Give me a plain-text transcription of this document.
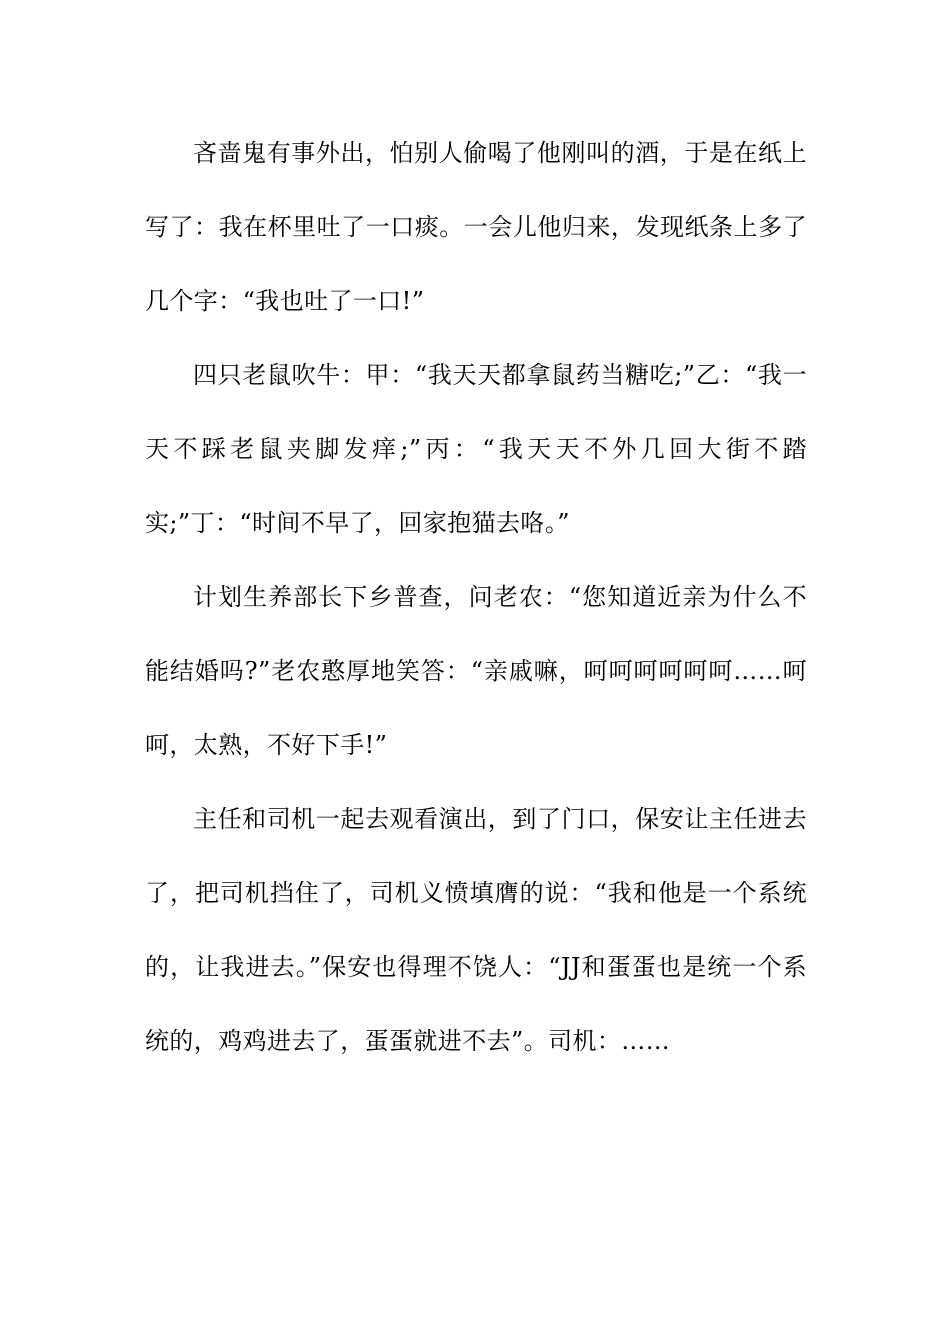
吝啬鬼有事外出，怕别人偷喝了他刚叫的酒，于是在纸上写了：我在杯里吐了一口痰。一会儿他归来，发现纸条上多了几个字：“我也吐了一口!”

四只老鼠吹牛：甲：“我天天都拿鼠药当糖吃;”乙：“我一天不踩老鼠夹脚发痒;”丙：“我天天不外几回大街不踏实;”丁：“时间不早了，回家抱猫去咯。”

计划生养部长下乡普查，问老农：“您知道近亲为什么不能结婚吗?”老农憨厚地笑答：“亲戚嘛，呵呵呵呵呵呵……呵呵，太熟，不好下手!”

主任和司机一起去观看演出，到了门口，保安让主任进去了，把司机挡住了，司机义愤填膺的说：“我和他是一个系统的，让我进去。”保安也得理不饶人：“JJ和蛋蛋也是统一个系统的，鸡鸡进去了，蛋蛋就进不去”。司机：……
